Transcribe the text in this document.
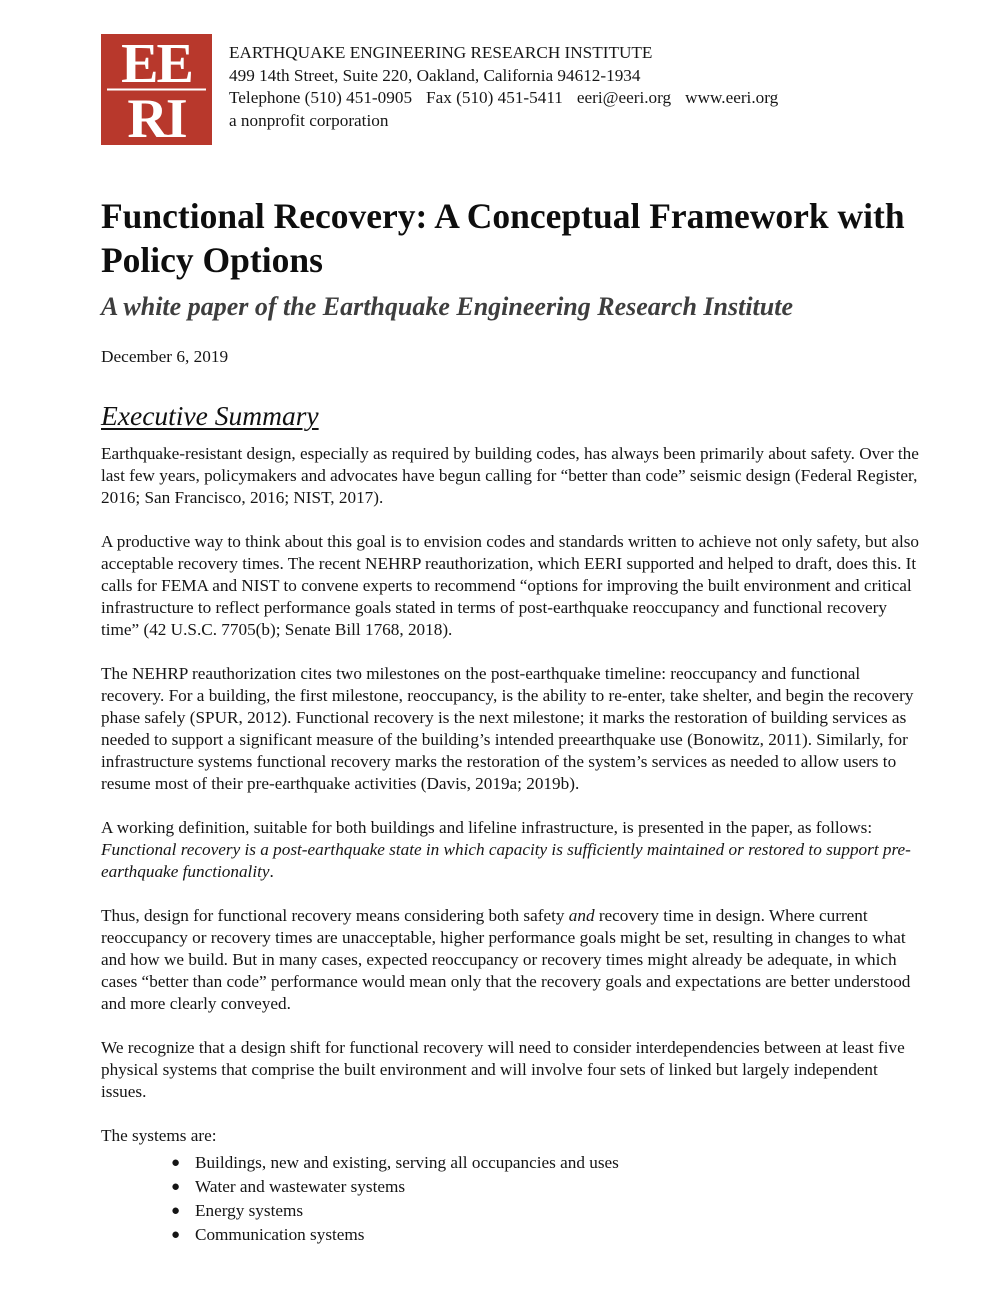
EE
RI
EARTHQUAKE ENGINEERING RESEARCH INSTITUTE
499 14th Street, Suite 220, Oakland, California 94612-1934
Telephone (510) 451-0905 Fax (510) 451-5411 eeri@eeri.org www.eeri.org
a nonprofit corporation
Functional Recovery: A Conceptual Framework with Policy Options
A white paper of the Earthquake Engineering Research Institute
December 6, 2019
Executive Summary

Earthquake-resistant design, especially as required by building codes, has always been primarily about safety. Over the last few years, policymakers and advocates have begun calling for “better than code” seismic design (Federal Register, 2016; San Francisco, 2016; NIST, 2017).

A productive way to think about this goal is to envision codes and standards written to achieve not only safety, but also acceptable recovery times. The recent NEHRP reauthorization, which EERI supported and helped to draft, does this. It calls for FEMA and NIST to convene experts to recommend “options for improving the built environment and critical infrastructure to reflect performance goals stated in terms of post-earthquake reoccupancy and functional recovery time” (42 U.S.C. 7705(b); Senate Bill 1768, 2018).

The NEHRP reauthorization cites two milestones on the post-earthquake timeline: reoccupancy and functional recovery. For a building, the first milestone, reoccupancy, is the ability to re-enter, take shelter, and begin the recovery phase safely (SPUR, 2012). Functional recovery is the next milestone; it marks the restoration of building services as needed to support a significant measure of the building’s intended preearthquake use (Bonowitz, 2011). Similarly, for infrastructure systems functional recovery marks the restoration of the system’s services as needed to allow users to resume most of their pre-earthquake activities (Davis, 2019a; 2019b).

A working definition, suitable for both buildings and lifeline infrastructure, is presented in the paper, as follows: Functional recovery is a post-earthquake state in which capacity is sufficiently maintained or restored to support pre-earthquake functionality.

Thus, design for functional recovery means considering both safety and recovery time in design. Where current reoccupancy or recovery times are unacceptable, higher performance goals might be set, resulting in changes to what and how we build. But in many cases, expected reoccupancy or recovery times might already be adequate, in which cases “better than code” performance would mean only that the recovery goals and expectations are better understood and more clearly conveyed.

We recognize that a design shift for functional recovery will need to consider interdependencies between at least five physical systems that comprise the built environment and will involve four sets of linked but largely independent issues.

The systems are:

● Buildings, new and existing, serving all occupancies and uses
● Water and wastewater systems
● Energy systems
● Communication systems
